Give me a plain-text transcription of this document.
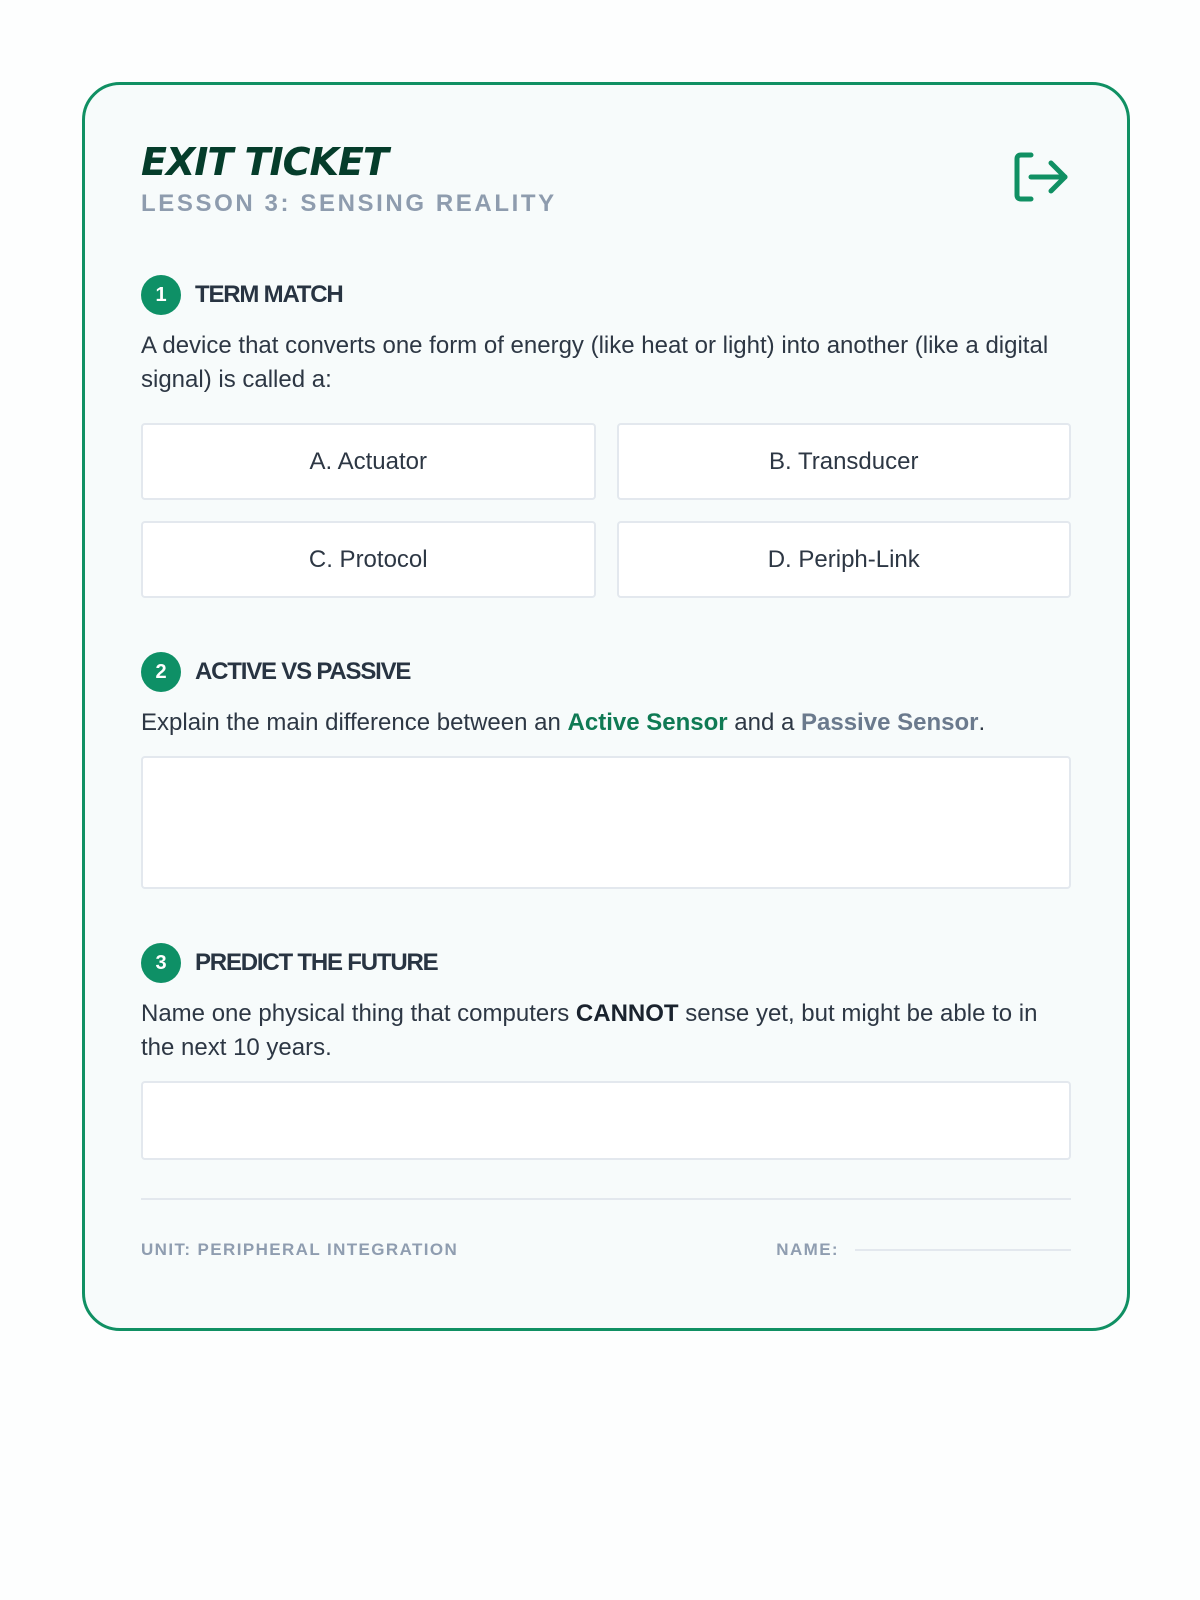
EXIT TICKET
LESSON 3: SENSING REALITY
1	TERM MATCH
A device that converts one form of energy (like heat or light) into another (like a digital signal) is called a:
A. Actuator	B. Transducer
C. Protocol	D. Periph-Link
2	ACTIVE VS PASSIVE
Explain the main difference between an Active Sensor and a Passive Sensor.
3	PREDICT THE FUTURE
Name one physical thing that computers CANNOT sense yet, but might be able to in the next 10 years.
UNIT: PERIPHERAL INTEGRATION	NAME:
